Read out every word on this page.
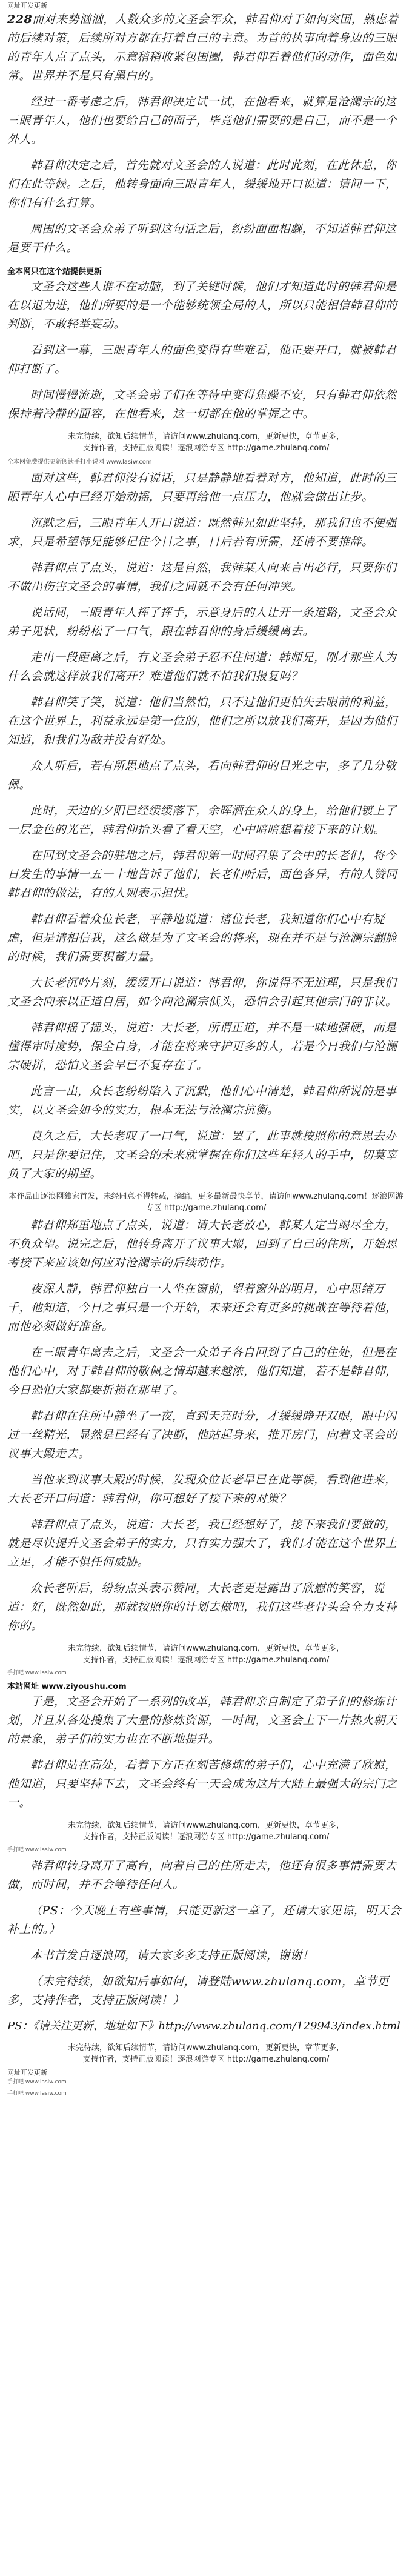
网址开发更新

228而对来势汹汹，人数众多的文圣会军众，韩君仰对于如何突围，熟虑着的后续对策，后续所对方都在打着自己的主意。为首的执事向着身边的三眼的青年人点了点头，示意稍稍收紧包围圈，韩君仰看着他们的动作，面色如常。世界并不是只有黑白的。

经过一番考虑之后，韩君仰决定试一试，在他看来，就算是沧澜宗的这三眼青年人，他们也要给自己的面子，毕竟他们需要的是自己，而不是一个外人。

韩君仰决定之后，首先就对文圣会的人说道：此时此刻，在此休息，你们在此等候。之后，他转身面向三眼青年人，缓缓地开口说道：请问一下，你们有什么打算。

周围的文圣会众弟子听到这句话之后，纷纷面面相觑，不知道韩君仰这是要干什么。

全本网只在这个站提供更新

文圣会这些人谁不在动脑，到了关键时候，他们才知道此时的韩君仰是在以退为进，他们所要的是一个能够统领全局的人，所以只能相信韩君仰的判断，不敢轻举妄动。

看到这一幕，三眼青年人的面色变得有些难看，他正要开口，就被韩君仰打断了。

时间慢慢流逝，文圣会弟子们在等待中变得焦躁不安，只有韩君仰依然保持着冷静的面容，在他看来，这一切都在他的掌握之中。

未完待续，欲知后续情节，请访问www.zhulanq.com，更新更快，章节更多，
支持作者，支持正版阅读！逐浪网游专区 http://game.zhulanq.com/
全本网免费提供更新阅读手打小说网 www.lasiw.com

面对这些，韩君仰没有说话，只是静静地看着对方，他知道，此时的三眼青年人心中已经开始动摇，只要再给他一点压力，他就会做出让步。

沉默之后，三眼青年人开口说道：既然韩兄如此坚持，那我们也不便强求，只是希望韩兄能够记住今日之事，日后若有所需，还请不要推辞。

韩君仰点了点头，说道：这是自然，我韩某人向来言出必行，只要你们不做出伤害文圣会的事情，我们之间就不会有任何冲突。

说话间，三眼青年人挥了挥手，示意身后的人让开一条道路，文圣会众弟子见状，纷纷松了一口气，跟在韩君仰的身后缓缓离去。

走出一段距离之后，有文圣会弟子忍不住问道：韩师兄，刚才那些人为什么会就这样放我们离开？难道他们就不怕我们报复吗？

韩君仰笑了笑，说道：他们当然怕，只不过他们更怕失去眼前的利益，在这个世界上，利益永远是第一位的，他们之所以放我们离开，是因为他们知道，和我们为敌并没有好处。

众人听后，若有所思地点了点头，看向韩君仰的目光之中，多了几分敬佩。

此时，天边的夕阳已经缓缓落下，余晖洒在众人的身上，给他们镀上了一层金色的光芒，韩君仰抬头看了看天空，心中暗暗想着接下来的计划。

在回到文圣会的驻地之后，韩君仰第一时间召集了会中的长老们，将今日发生的事情一五一十地告诉了他们，长老们听后，面色各异，有的人赞同韩君仰的做法，有的人则表示担忧。

韩君仰看着众位长老，平静地说道：诸位长老，我知道你们心中有疑虑，但是请相信我，这么做是为了文圣会的将来，现在并不是与沧澜宗翻脸的时候，我们需要积蓄力量。

大长老沉吟片刻，缓缓开口说道：韩君仰，你说得不无道理，只是我们文圣会向来以正道自居，如今向沧澜宗低头，恐怕会引起其他宗门的非议。

韩君仰摇了摇头，说道：大长老，所谓正道，并不是一味地强硬，而是懂得审时度势，保全自身，才能在将来守护更多的人，若是今日我们与沧澜宗硬拼，恐怕文圣会早已不复存在了。

此言一出，众长老纷纷陷入了沉默，他们心中清楚，韩君仰所说的是事实，以文圣会如今的实力，根本无法与沧澜宗抗衡。

良久之后，大长老叹了一口气，说道：罢了，此事就按照你的意思去办吧，只是你要记住，文圣会的未来就掌握在你们这些年轻人的手中，切莫辜负了大家的期望。

本作品由逐浪网独家首发，未经同意不得转载，摘编，更多最新最快章节，请访问www.zhulanq.com！逐浪网游专区 http://game.zhulanq.com/

韩君仰郑重地点了点头，说道：请大长老放心，韩某人定当竭尽全力，不负众望。说完之后，他转身离开了议事大殿，回到了自己的住所，开始思考接下来应该如何应对沧澜宗的后续动作。

夜深人静，韩君仰独自一人坐在窗前，望着窗外的明月，心中思绪万千，他知道，今日之事只是一个开始，未来还会有更多的挑战在等待着他，而他必须做好准备。

在三眼青年离去之后，文圣会一众弟子各自回到了自己的住处，但是在他们心中，对于韩君仰的敬佩之情却越来越浓，他们知道，若不是韩君仰，今日恐怕大家都要折损在那里了。

韩君仰在住所中静坐了一夜，直到天亮时分，才缓缓睁开双眼，眼中闪过一丝精光，显然是已经有了决断，他站起身来，推开房门，向着文圣会的议事大殿走去。

当他来到议事大殿的时候，发现众位长老早已在此等候，看到他进来，大长老开口问道：韩君仰，你可想好了接下来的对策？

韩君仰点了点头，说道：大长老，我已经想好了，接下来我们要做的，就是尽快提升文圣会弟子的实力，只有实力强大了，我们才能在这个世界上立足，才能不惧任何威胁。

众长老听后，纷纷点头表示赞同，大长老更是露出了欣慰的笑容，说道：好，既然如此，那就按照你的计划去做吧，我们这些老骨头会全力支持你的。

未完待续，欲知后续情节，请访问www.zhulanq.com，更新更快，章节更多，
支持作者，支持正版阅读！逐浪网游专区 http://game.zhulanq.com/
手打吧 www.lasiw.com
本站网址 www.ziyoushu.com

于是，文圣会开始了一系列的改革，韩君仰亲自制定了弟子们的修炼计划，并且从各处搜集了大量的修炼资源，一时间，文圣会上下一片热火朝天的景象，弟子们的实力也在不断地提升。

韩君仰站在高处，看着下方正在刻苦修炼的弟子们，心中充满了欣慰，他知道，只要坚持下去，文圣会终有一天会成为这片大陆上最强大的宗门之一。

未完待续，欲知后续情节，请访问www.zhulanq.com，更新更快，章节更多，
支持作者，支持正版阅读！逐浪网游专区 http://game.zhulanq.com/
手打吧 www.lasiw.com

韩君仰转身离开了高台，向着自己的住所走去，他还有很多事情需要去做，而时间，并不会等待任何人。

（PS：今天晚上有些事情，只能更新这一章了，还请大家见谅，明天会补上的。）

本书首发自逐浪网，请大家多多支持正版阅读，谢谢！

（未完待续，如欲知后事如何，请登陆www.zhulanq.com，章节更多，支持作者，支持正版阅读！）

PS：《请关注更新、地址如下》http://www.zhulanq.com/129943/index.html

未完待续，欲知后续情节，请访问www.zhulanq.com，更新更快，章节更多，
支持作者，支持正版阅读！逐浪网游专区 http://game.zhulanq.com/
网址开发更新
手打吧 www.lasiw.com
手打吧 www.lasiw.com
